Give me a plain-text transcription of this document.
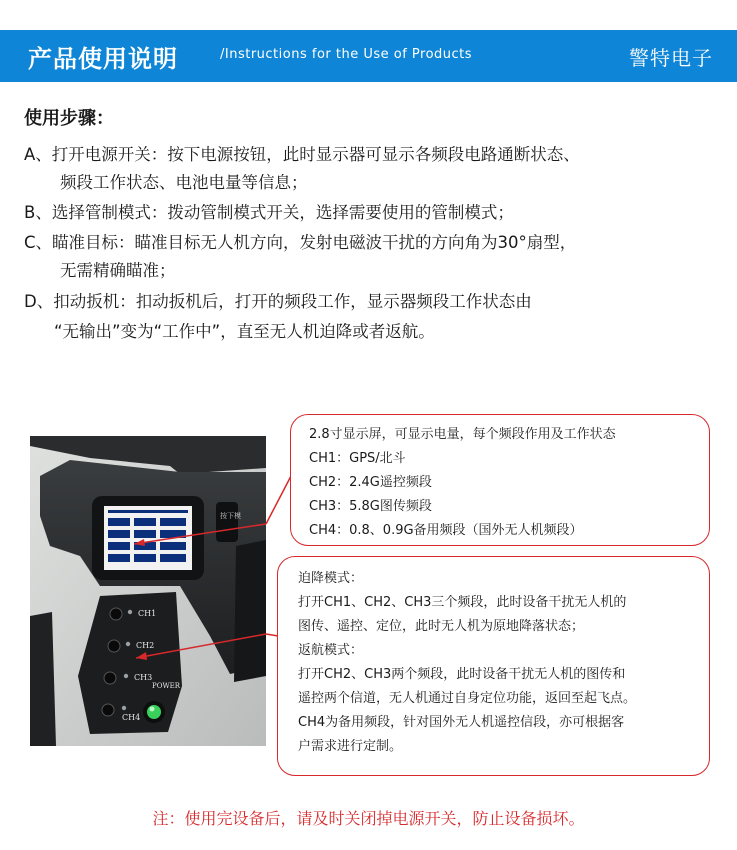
产品使用说明	/Instructions for the Use of Products	警特电子
使用步骤：
A、打开电源开关：按下电源按钮，此时显示器可显示各频段电路通断状态、
频段工作状态、电池电量等信息；
B、选择管制模式：拨动管制模式开关，选择需要使用的管制模式；
C、瞄准目标：瞄准目标无人机方向，发射电磁波干扰的方向角为30°扇型，
无需精确瞄准；
D、扣动扳机：扣动扳机后，打开的频段工作，显示器频段工作状态由
“无输出”变为“工作中”，直至无人机迫降或者返航。
按下模
CH1
CH2
CH3
CH4
POWER
2.8寸显示屏，可显示电量，每个频段作用及工作状态
CH1：GPS/北斗
CH2：2.4G遥控频段
CH3：5.8G图传频段
CH4：0.8、0.9G备用频段（国外无人机频段）
迫降模式：
打开CH1、CH2、CH3三个频段，此时设备干扰无人机的
图传、遥控、定位，此时无人机为原地降落状态；
返航模式：
打开CH2、CH3两个频段，此时设备干扰无人机的图传和
遥控两个信道，无人机通过自身定位功能，返回至起飞点。
CH4为备用频段，针对国外无人机遥控信段，亦可根据客
户需求进行定制。
注：使用完设备后，请及时关闭掉电源开关，防止设备损坏。
